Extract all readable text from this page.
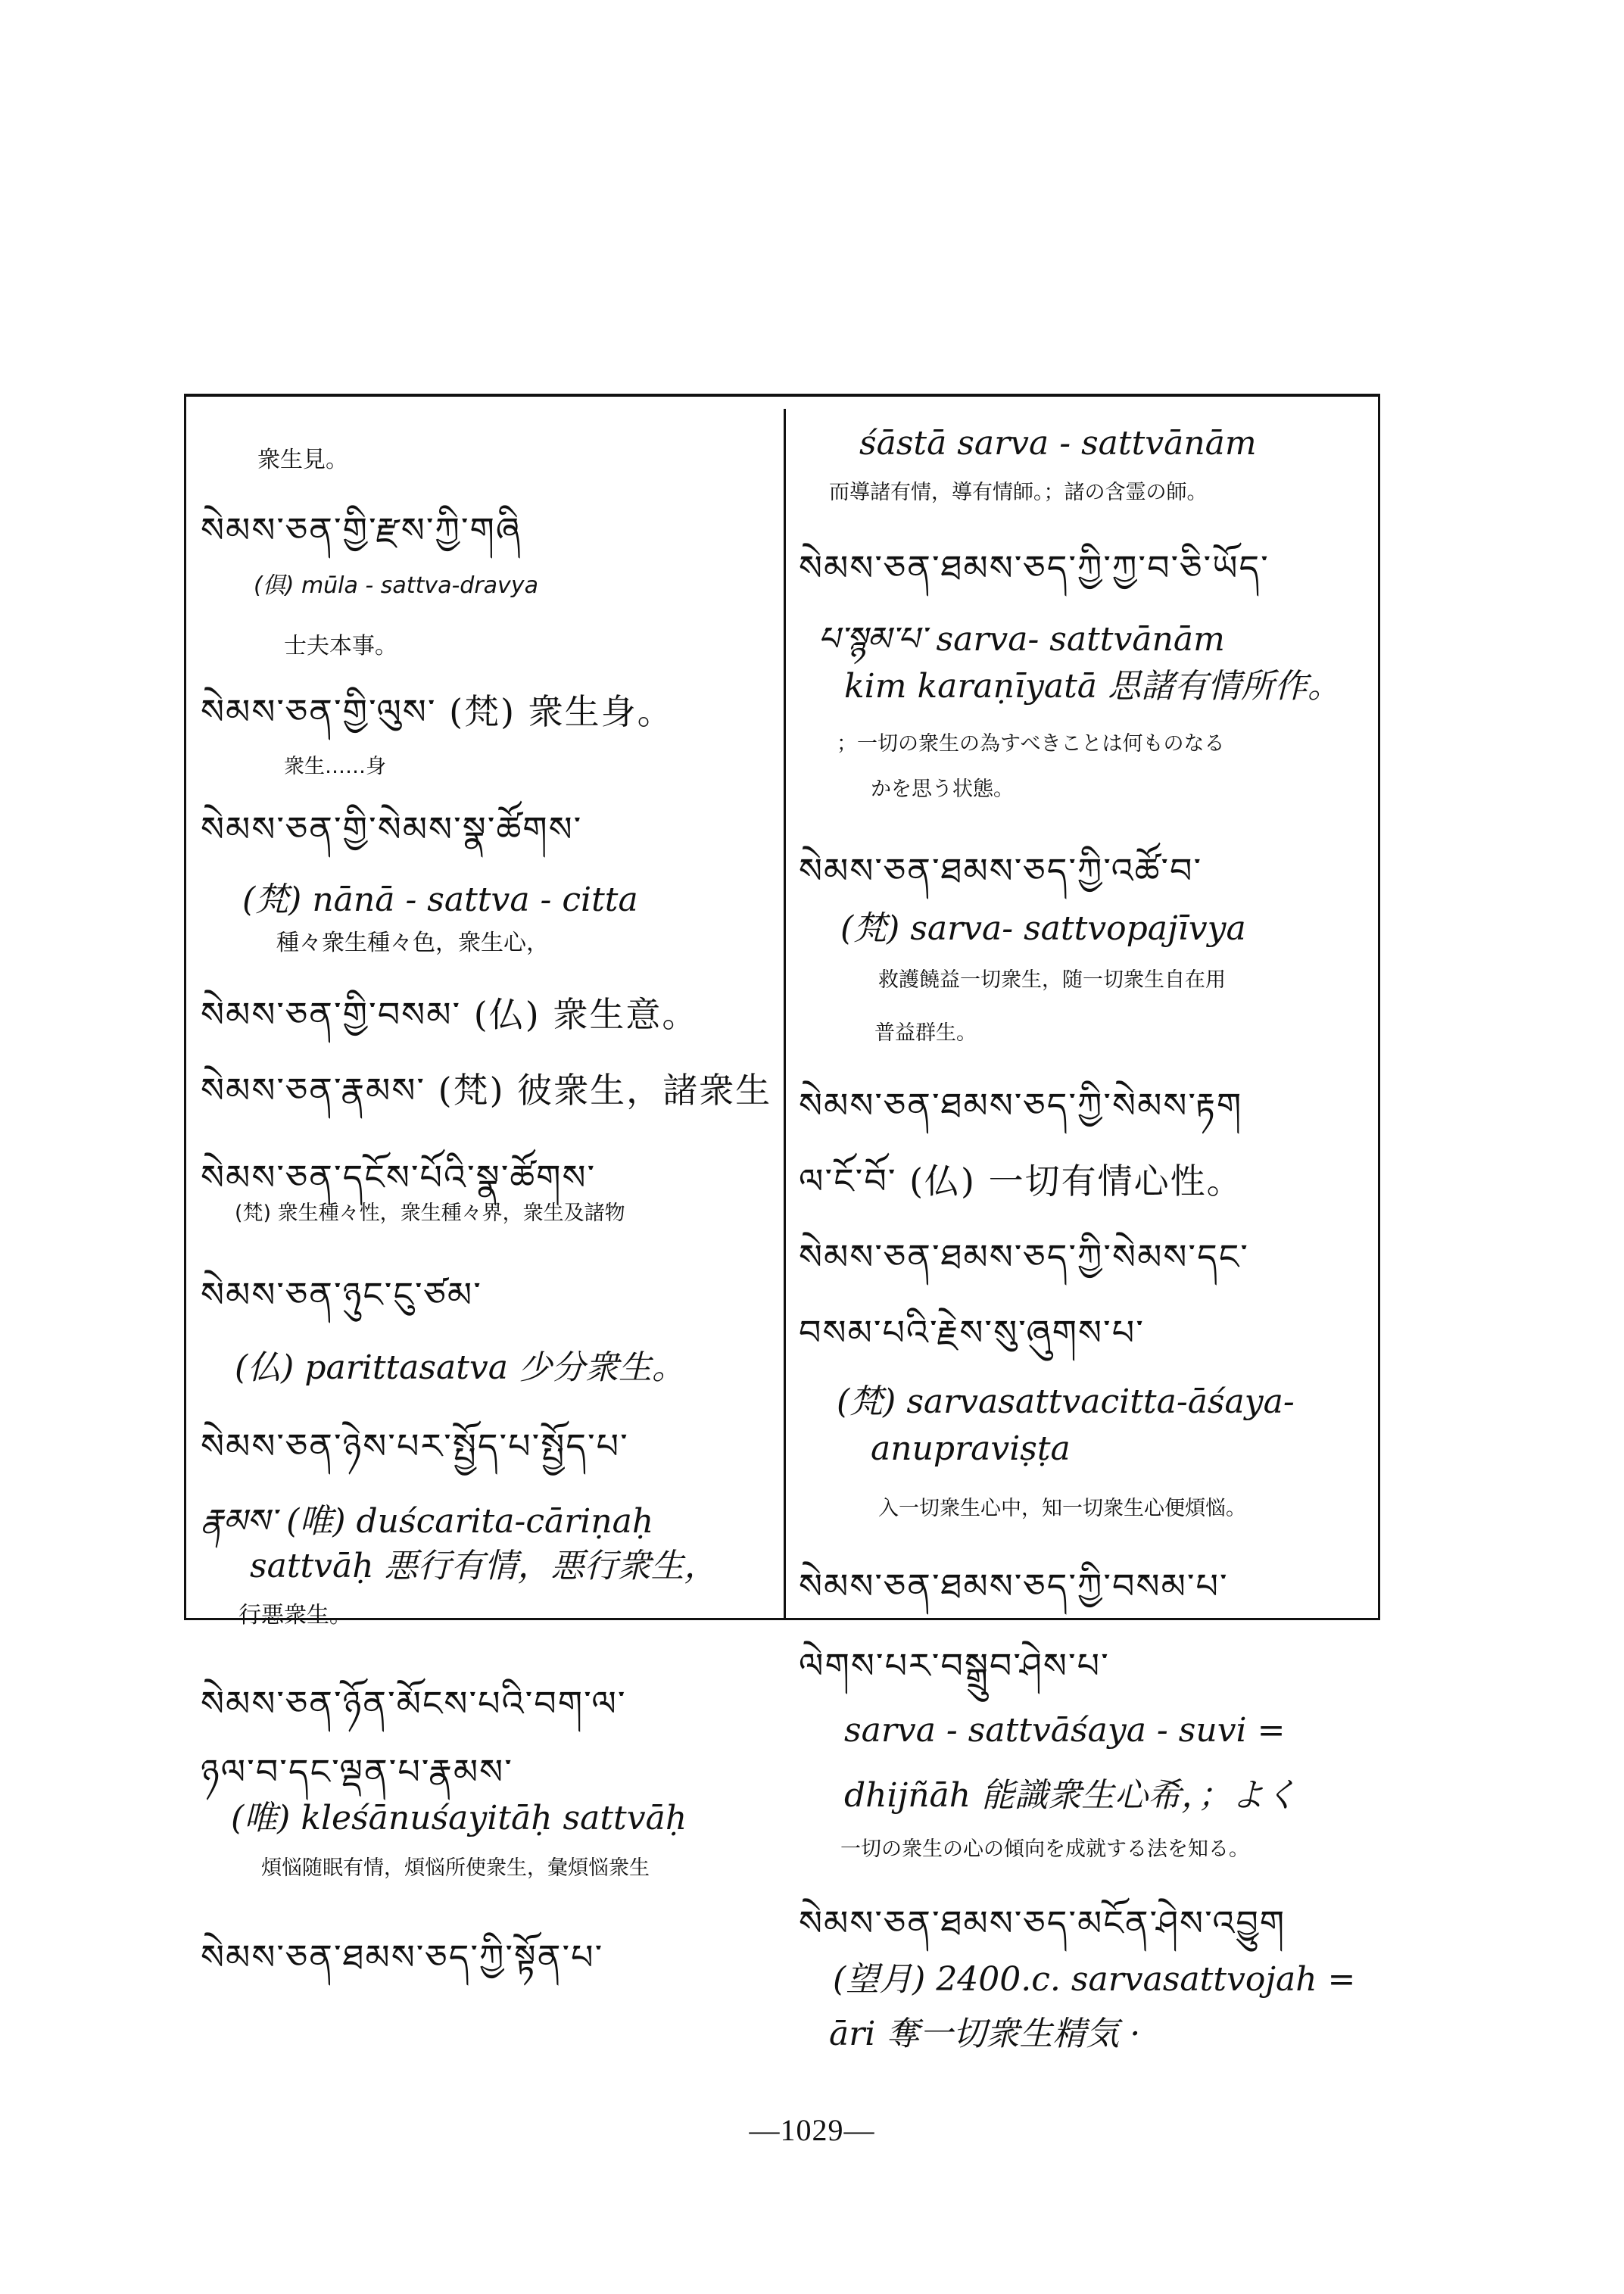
衆生見。
སེམས་ཅན་གྱི་རྫས་ཀྱི་གཞི
(俱) mūla - sattva-dravya
士夫本事。
སེམས་ཅན་གྱི་ལུས་ (梵) 衆生身。
衆生……身
སེམས་ཅན་གྱི་སེམས་སྣ་ཚོགས་
(梵) nānā - sattva - citta
種々衆生種々色，衆生心，
སེམས་ཅན་གྱི་བསམ་ (仏) 衆生意。
སེམས་ཅན་རྣམས་ (梵) 彼衆生，諸衆生
སེམས་ཅན་དངོས་པོའི་སྣ་ཚོགས་
(梵) 衆生種々性，衆生種々界，衆生及諸物
སེམས་ཅན་ཉུང་ངུ་ཙམ་
(仏) parittasatva 少分衆生。
སེམས་ཅན་ཉེས་པར་སྤྱོད་པ་སྤྱོད་པ་
རྣམས་ (唯) duścarita-cāriṇaḥ
sattvāḥ 悪行有情，悪行衆生，
行悪衆生。
སེམས་ཅན་ཉོན་མོངས་པའི་བག་ལ་
ཉལ་བ་དང་ལྡན་པ་རྣམས་
(唯) kleśānuśayitāḥ sattvāḥ
煩悩随眠有情，煩悩所使衆生，彙煩悩衆生
སེམས་ཅན་ཐམས་ཅད་ཀྱི་སྟོན་པ་
śāstā sarva - sattvānām
而導諸有情，導有情師。；諸の含霊の師。
སེམས་ཅན་ཐམས་ཅད་ཀྱི་ཀྱ་བ་ཅི་ཡོད་
པ་སྙམ་པ་ sarva- sattvānām
kim karaṇīyatā 思諸有情所作。
；一切の衆生の為すべきことは何ものなる
かを思う状態。
སེམས་ཅན་ཐམས་ཅད་ཀྱི་འཚོ་བ་
(梵) sarva- sattvopajīvya
救護饒益一切衆生，随一切衆生自在用
普益群生。
སེམས་ཅན་ཐམས་ཅད་ཀྱི་སེམས་རྟག
ལ་ངོ་བོ་ (仏) 一切有情心性。
སེམས་ཅན་ཐམས་ཅད་ཀྱི་སེམས་དང་
བསམ་པའི་རྗེས་སུ་ཞུགས་པ་
(梵) sarvasattvacitta-āśaya-
anupraviṣṭa
入一切衆生心中，知一切衆生心便煩悩。
སེམས་ཅན་ཐམས་ཅད་ཀྱི་བསམ་པ་
ལེགས་པར་བསྒྲུབ་ཤེས་པ་
sarva - sattvāśaya - suvi =
dhijñāh 能識衆生心希，；よく
一切の衆生の心の傾向を成就する法を知る。
སེམས་ཅན་ཐམས་ཅད་མངོན་ཤེས་འབྱུག
(望月) 2400.c. sarvasattvojah =
āri 奪一切衆生精気 ·
—1029—
